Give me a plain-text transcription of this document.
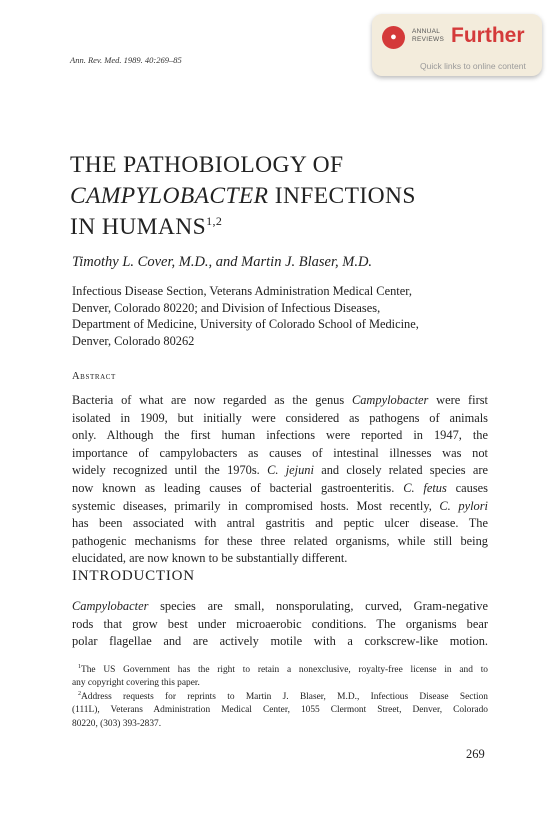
●	ANNUAL
REVIEWS Further
Quick links to online content
Ann. Rev. Med. 1989. 40:269–85
THE PATHOBIOLOGY OF
CAMPYLOBACTER INFECTIONS
IN HUMANS$^{1,2}$
Timothy L. Cover, M.D., and Martin J. Blaser, M.D.
Infectious Disease Section, Veterans Administration Medical Center,
Denver, Colorado 80220; and Division of Infectious Diseases,
Department of Medicine, University of Colorado School of Medicine,
Denver, Colorado 80262
Abstract
Bacteria of what are now regarded as the genus Campylobacter were first
isolated in 1909, but initially were considered as pathogens of animals
only. Although the first human infections were reported in 1947, the
importance of campylobacters as causes of intestinal illnesses was not
widely recognized until the 1970s. C. jejuni and closely related species are
now known as leading causes of bacterial gastroenteritis. C. fetus causes
systemic diseases, primarily in compromised hosts. Most recently, C. pylori
has been associated with antral gastritis and peptic ulcer disease. The
pathogenic mechanisms for these three related organisms, while still being
elucidated, are now known to be substantially different.
INTRODUCTION
Campylobacter species are small, nonsporulating, curved, Gram-negative
rods that grow best under microaerobic conditions. The organisms bear
polar flagellae and are actively motile with a corkscrew-like motion.
$^1$The US Government has the right to retain a nonexclusive, royalty-free license in and to
any copyright covering this paper.
$^2$Address requests for reprints to Martin J. Blaser, M.D., Infectious Disease Section
(111L), Veterans Administration Medical Center, 1055 Clermont Street, Denver, Colorado
80220, (303) 393-2837.
269
